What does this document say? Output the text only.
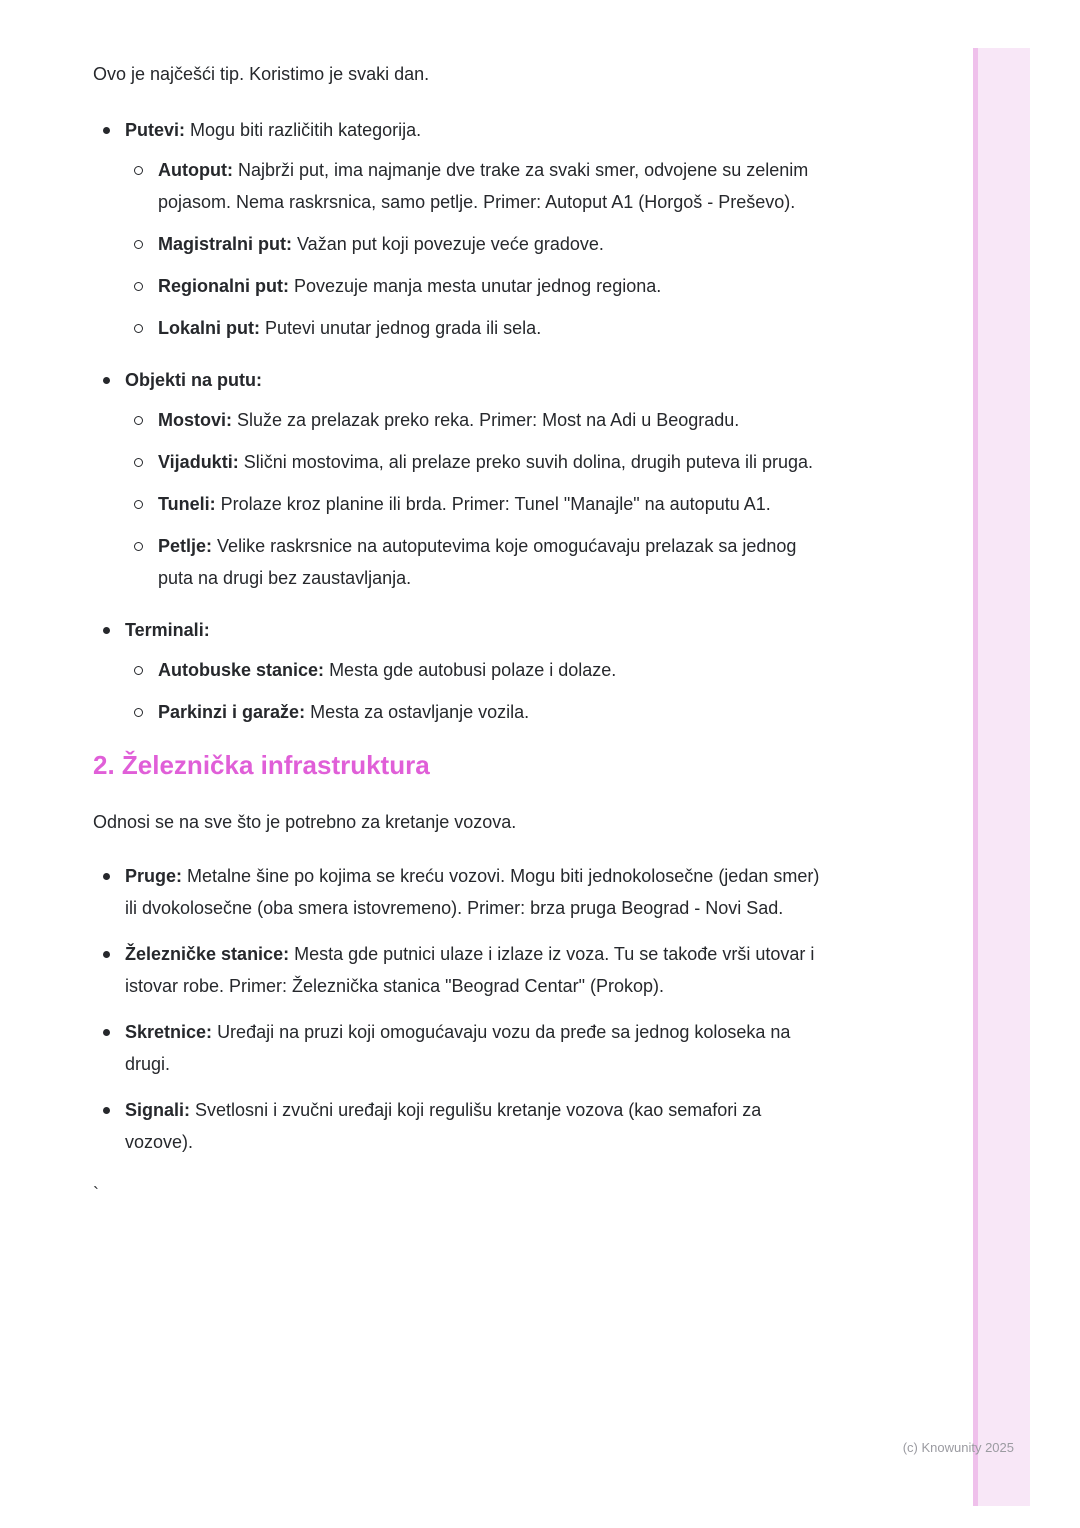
Ovo je najčešći tip. Koristimo je svaki dan.

Putevi: Mogu biti različitih kategorija.

Autoput: Najbrži put, ima najmanje dve trake za svaki smer, odvojene su zelenim pojasom. Nema raskrsnica, samo petlje. Primer: Autoput A1 (Horgoš - Preševo).

Magistralni put: Važan put koji povezuje veće gradove.

Regionalni put: Povezuje manja mesta unutar jednog regiona.

Lokalni put: Putevi unutar jednog grada ili sela.

Objekti na putu:

Mostovi: Služe za prelazak preko reka. Primer: Most na Adi u Beogradu.

Vijadukti: Slični mostovima, ali prelaze preko suvih dolina, drugih puteva ili pruga.

Tuneli: Prolaze kroz planine ili brda. Primer: Tunel "Manajle" na autoputu A1.

Petlje: Velike raskrsnice na autoputevima koje omogućavaju prelazak sa jednog puta na drugi bez zaustavljanja.

Terminali:

Autobuske stanice: Mesta gde autobusi polaze i dolaze.

Parkinzi i garaže: Mesta za ostavljanje vozila.

2. Železnička infrastruktura

Odnosi se na sve što je potrebno za kretanje vozova.

Pruge: Metalne šine po kojima se kreću vozovi. Mogu biti jednokolosečne (jedan smer) ili dvokolosečne (oba smera istovremeno). Primer: brza pruga Beograd - Novi Sad.

Železničke stanice: Mesta gde putnici ulaze i izlaze iz voza. Tu se takođe vrši utovar i istovar robe. Primer: Železnička stanica "Beograd Centar" (Prokop).

Skretnice: Uređaji na pruzi koji omogućavaju vozu da pređe sa jednog koloseka na drugi.

Signali: Svetlosni i zvučni uređaji koji regulišu kretanje vozova (kao semafori za vozove).

`

(c) Knowunity 2025
